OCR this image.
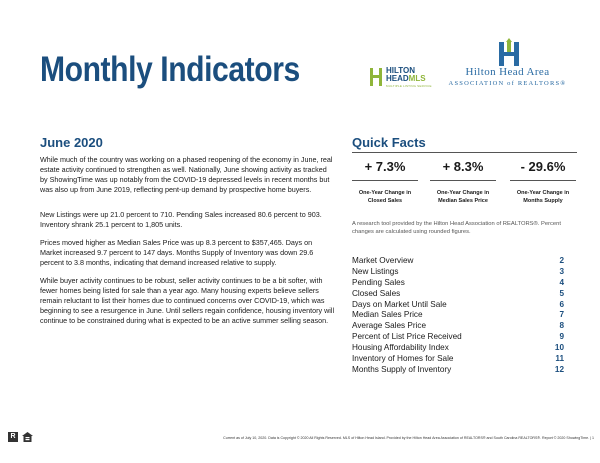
Monthly Indicators	HILTON
HEADMLS
MULTIPLE LISTING SERVICE
Hilton Head Area
ASSOCIATION of REALTORS®
June 2020

While much of the country was working on a phased reopening of the economy in June, real estate activity continued to strengthen as well. Nationally, June showing activity as tracked by ShowingTime was up notably from the COVID-19 depressed levels in recent months but was also up from June 2019, reflecting pent-up demand by prospective home buyers.

New Listings were up 21.0 percent to 710. Pending Sales increased 80.6 percent to 903. Inventory shrank 25.1 percent to 1,805 units.

Prices moved higher as Median Sales Price was up 8.3 percent to $357,465. Days on Market increased 9.7 percent to 147 days. Months Supply of Inventory was down 29.6 percent to 3.8 months, indicating that demand increased relative to supply.

While buyer activity continues to be robust, seller activity continues to be a bit softer, with fewer homes being listed for sale than a year ago. Many housing experts believe sellers remain reluctant to list their homes due to continued concerns over COVID-19, which was beginning to see a resurgence in June. Until sellers regain confidence, housing inventory will continue to be constrained during what is expected to be an active summer selling season.

Quick Facts
+ 7.3%
One-Year Change in Closed Sales
+ 8.3%
One-Year Change in Median Sales Price
- 29.6%
One-Year Change in Months Supply

A research tool provided by the Hilton Head Association of REALTORS®. Percent changes are calculated using rounded figures.

Market Overview	2
New Listings	3
Pending Sales	4
Closed Sales	5
Days on Market Until Sale	6
Median Sales Price	7
Average Sales Price	8
Percent of List Price Received	9
Housing Affordability Index	10
Inventory of Homes for Sale	11
Months Supply of Inventory	12
R	Current as of July 10, 2020. Data is Copyright © 2020 All Rights Reserved. MLS of Hilton Head Island. Provided by the Hilton Head Area Association of REALTORS® and South Carolina REALTORS®. Report © 2020 ShowingTime. | 1
